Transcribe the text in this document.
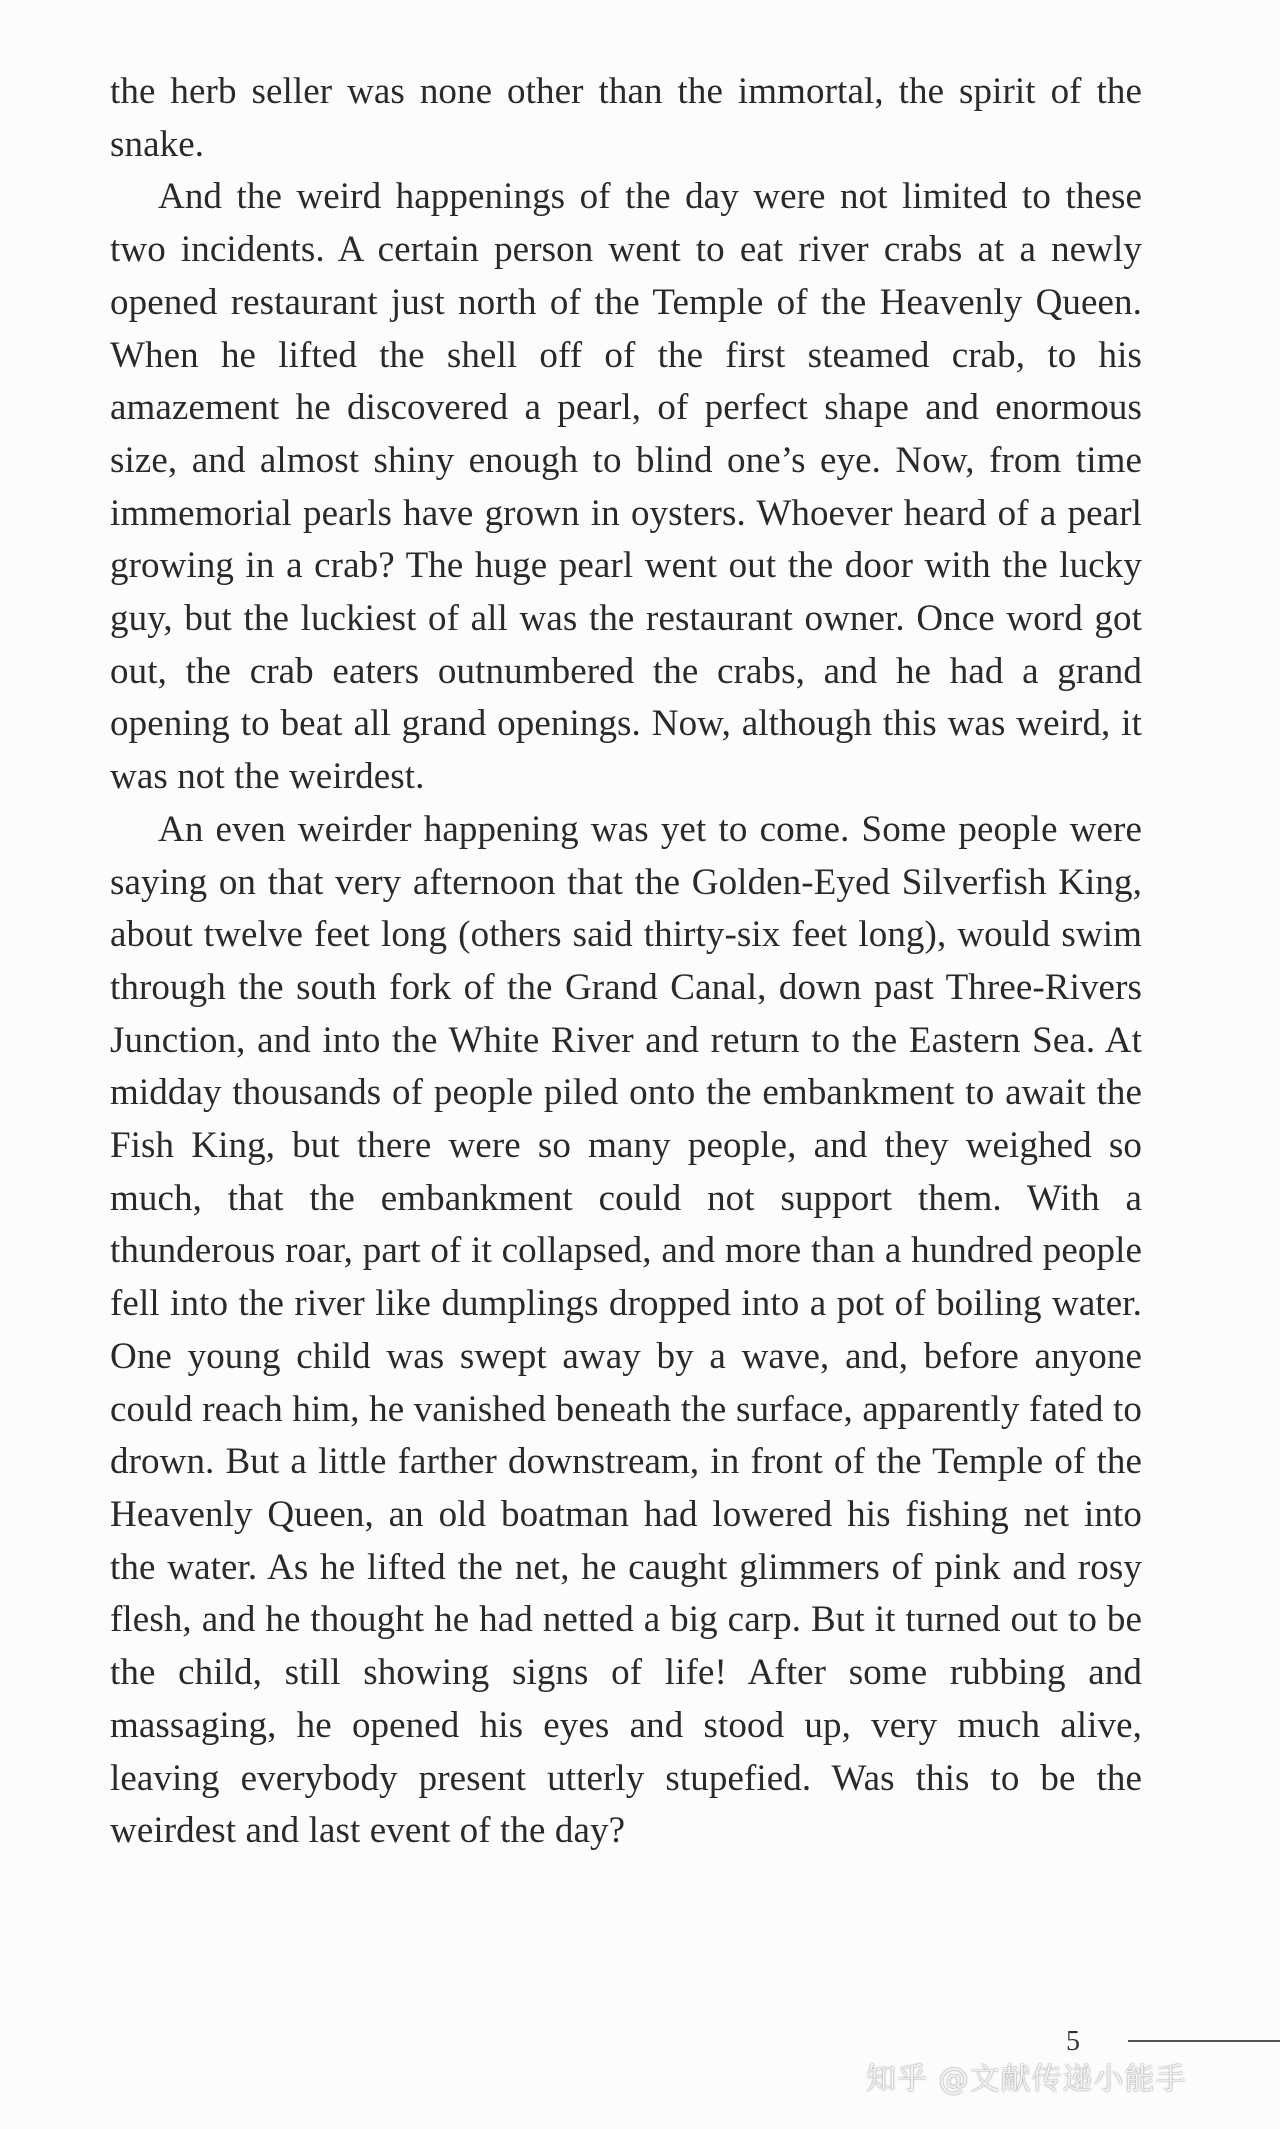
the herb seller was none other than the immortal, the spirit of the snake.

And the weird happenings of the day were not limited to these two incidents. A certain person went to eat river crabs at a newly opened restaurant just north of the Temple of the Heavenly Queen. When he lifted the shell off of the first steamed crab, to his amazement he discovered a pearl, of perfect shape and enormous size, and almost shiny enough to blind one’s eye. Now, from time immemorial pearls have grown in oysters. Whoever heard of a pearl growing in a crab? The huge pearl went out the door with the lucky guy, but the luckiest of all was the restaurant owner. Once word got out, the crab eaters outnumbered the crabs, and he had a grand opening to beat all grand openings. Now, although this was weird, it was not the weirdest.

An even weirder happening was yet to come. Some people were saying on that very afternoon that the Golden-Eyed Silverfish King, about twelve feet long (others said thirty-six feet long), would swim through the south fork of the Grand Canal, down past Three-Rivers Junction, and into the White River and return to the Eastern Sea. At midday thousands of people piled onto the embankment to await the Fish King, but there were so many people, and they weighed so much, that the embankment could not support them. With a thunderous roar, part of it collapsed, and more than a hundred people fell into the river like dumplings dropped into a pot of boiling water. One young child was swept away by a wave, and, before anyone could reach him, he vanished beneath the surface, apparently fated to drown. But a little farther downstream, in front of the Temple of the Heavenly Queen, an old boatman had lowered his fishing net into the water. As he lifted the net, he caught glimmers of pink and rosy flesh, and he thought he had netted a big carp. But it turned out to be the child, still showing signs of life! After some rubbing and massaging, he opened his eyes and stood up, very much alive, leaving everybody present utterly stupefied. Was this to be the weirdest and last event of the day?

5
知乎 @文献传递小能手
